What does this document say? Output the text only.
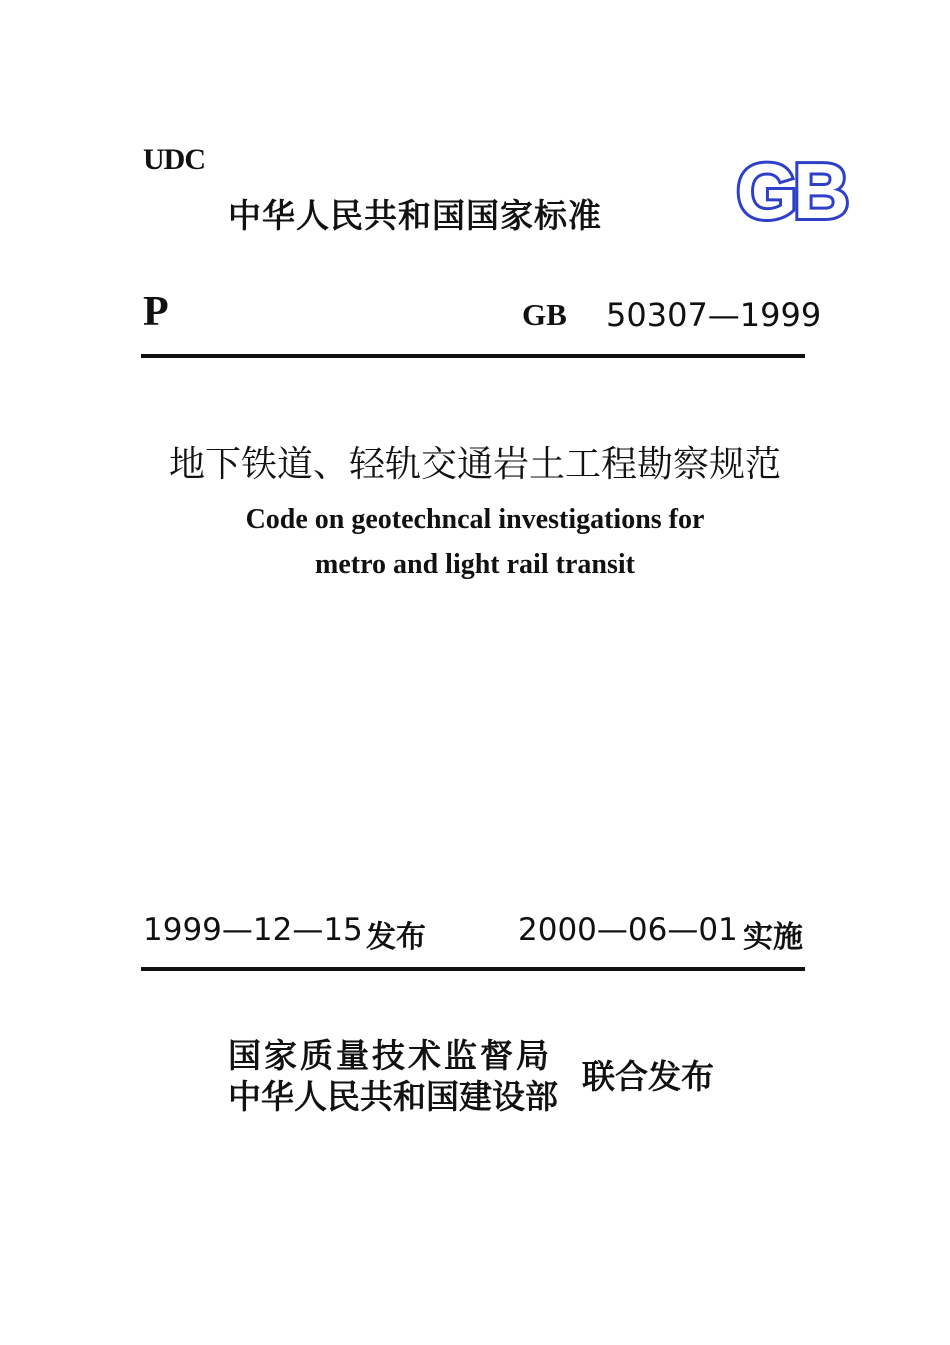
UDC
中华人民共和国国家标准 GB
P	GB 50307—1999
地下铁道、轻轨交通岩土工程勘察规范
Code on geotechncal investigations for
metro and light rail transit
1999—12—15 发布	2000—06—01 实施
国家质量技术监督局
中华人民共和国建设部
联合发布
